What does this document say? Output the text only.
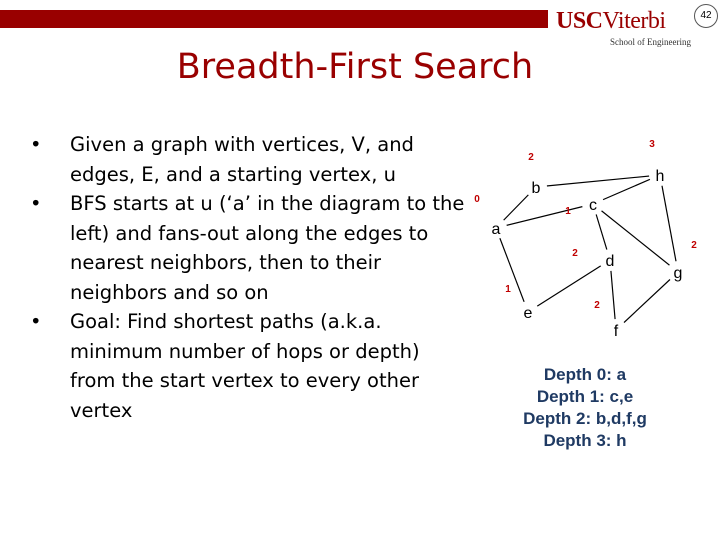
USCViterbi
School of Engineering
42
Breadth-First Search
• Given a graph with vertices, V, and edges, E, and a starting vertex, u
• BFS starts at u (‘a’ in the diagram to the left) and fans-out along the edges to nearest neighbors, then to their neighbors and so on
• Goal: Find shortest paths (a.k.a. minimum number of hops or depth) from the start vertex to every other vertex
a
0
b
2
c
1
d
2
e
1
f
2
g
2
h
3
Depth 0: a
Depth 1: c,e
Depth 2: b,d,f,g
Depth 3: h
